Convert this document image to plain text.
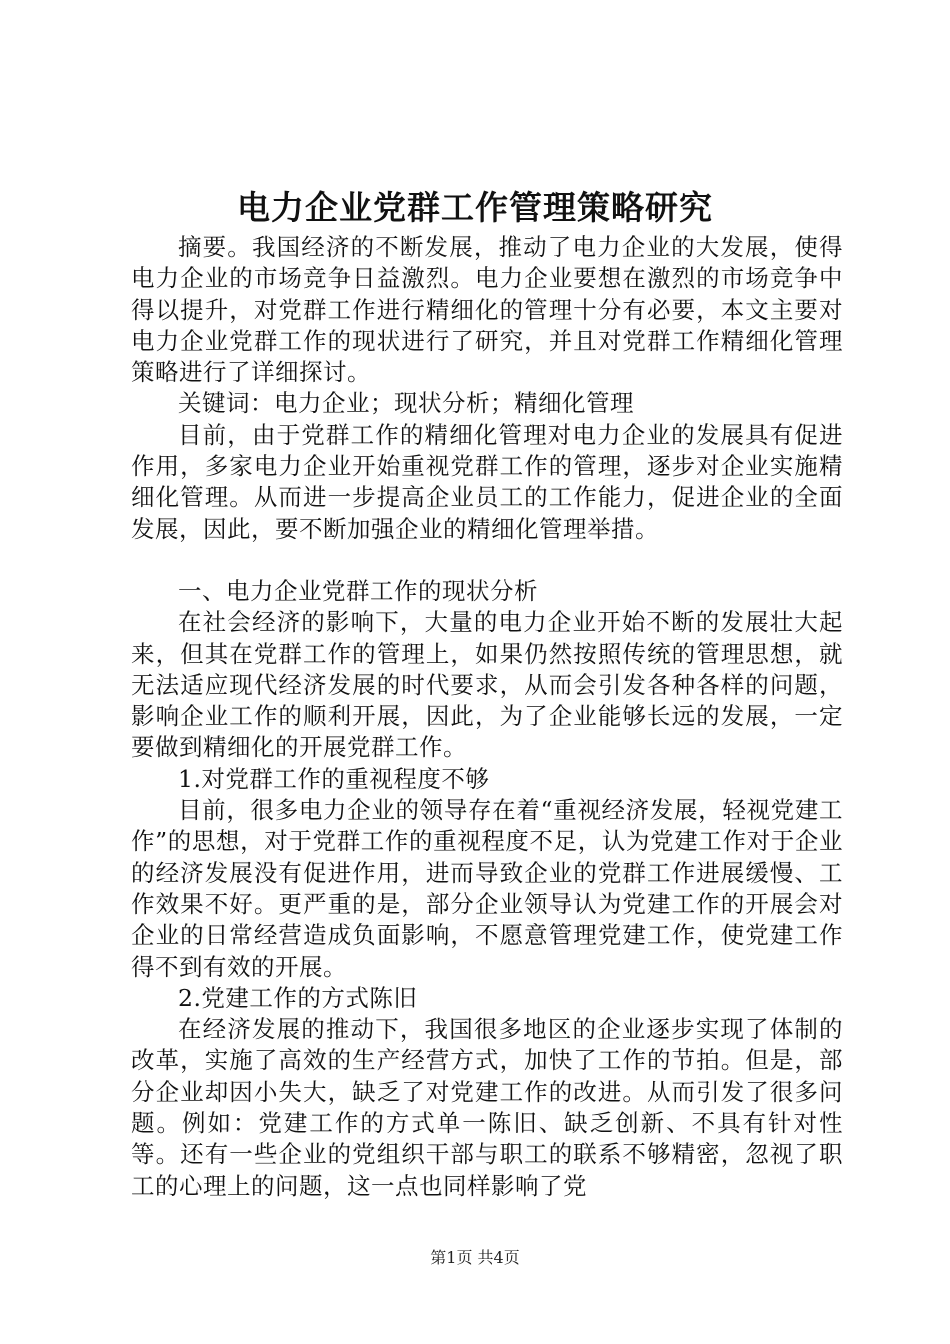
电力企业党群工作管理策略研究

摘要。我国经济的不断发展，推动了电力企业的大发展，使得电力企业的市场竞争日益激烈。电力企业要想在激烈的市场竞争中得以提升，对党群工作进行精细化的管理十分有必要，本文主要对电力企业党群工作的现状进行了研究，并且对党群工作精细化管理策略进行了详细探讨。

关键词：电力企业；现状分析；精细化管理

目前，由于党群工作的精细化管理对电力企业的发展具有促进作用，多家电力企业开始重视党群工作的管理，逐步对企业实施精细化管理。从而进一步提高企业员工的工作能力，促进企业的全面发展，因此，要不断加强企业的精细化管理举措。

一、电力企业党群工作的现状分析

在社会经济的影响下，大量的电力企业开始不断的发展壮大起来，但其在党群工作的管理上，如果仍然按照传统的管理思想，就无法适应现代经济发展的时代要求，从而会引发各种各样的问题，影响企业工作的顺利开展，因此，为了企业能够长远的发展，一定要做到精细化的开展党群工作。

1.对党群工作的重视程度不够

目前，很多电力企业的领导存在着“重视经济发展，轻视党建工作”的思想，对于党群工作的重视程度不足，认为党建工作对于企业的经济发展没有促进作用，进而导致企业的党群工作进展缓慢、工作效果不好。更严重的是，部分企业领导认为党建工作的开展会对企业的日常经营造成负面影响，不愿意管理党建工作，使党建工作得不到有效的开展。

2.党建工作的方式陈旧

在经济发展的推动下，我国很多地区的企业逐步实现了体制的改革，实施了高效的生产经营方式，加快了工作的节拍。但是，部分企业却因小失大，缺乏了对党建工作的改进。从而引发了很多问题。例如：党建工作的方式单一陈旧、缺乏创新、不具有针对性等。还有一些企业的党组织干部与职工的联系不够精密，忽视了职工的心理上的问题，这一点也同样影响了党

第1页 共4页
